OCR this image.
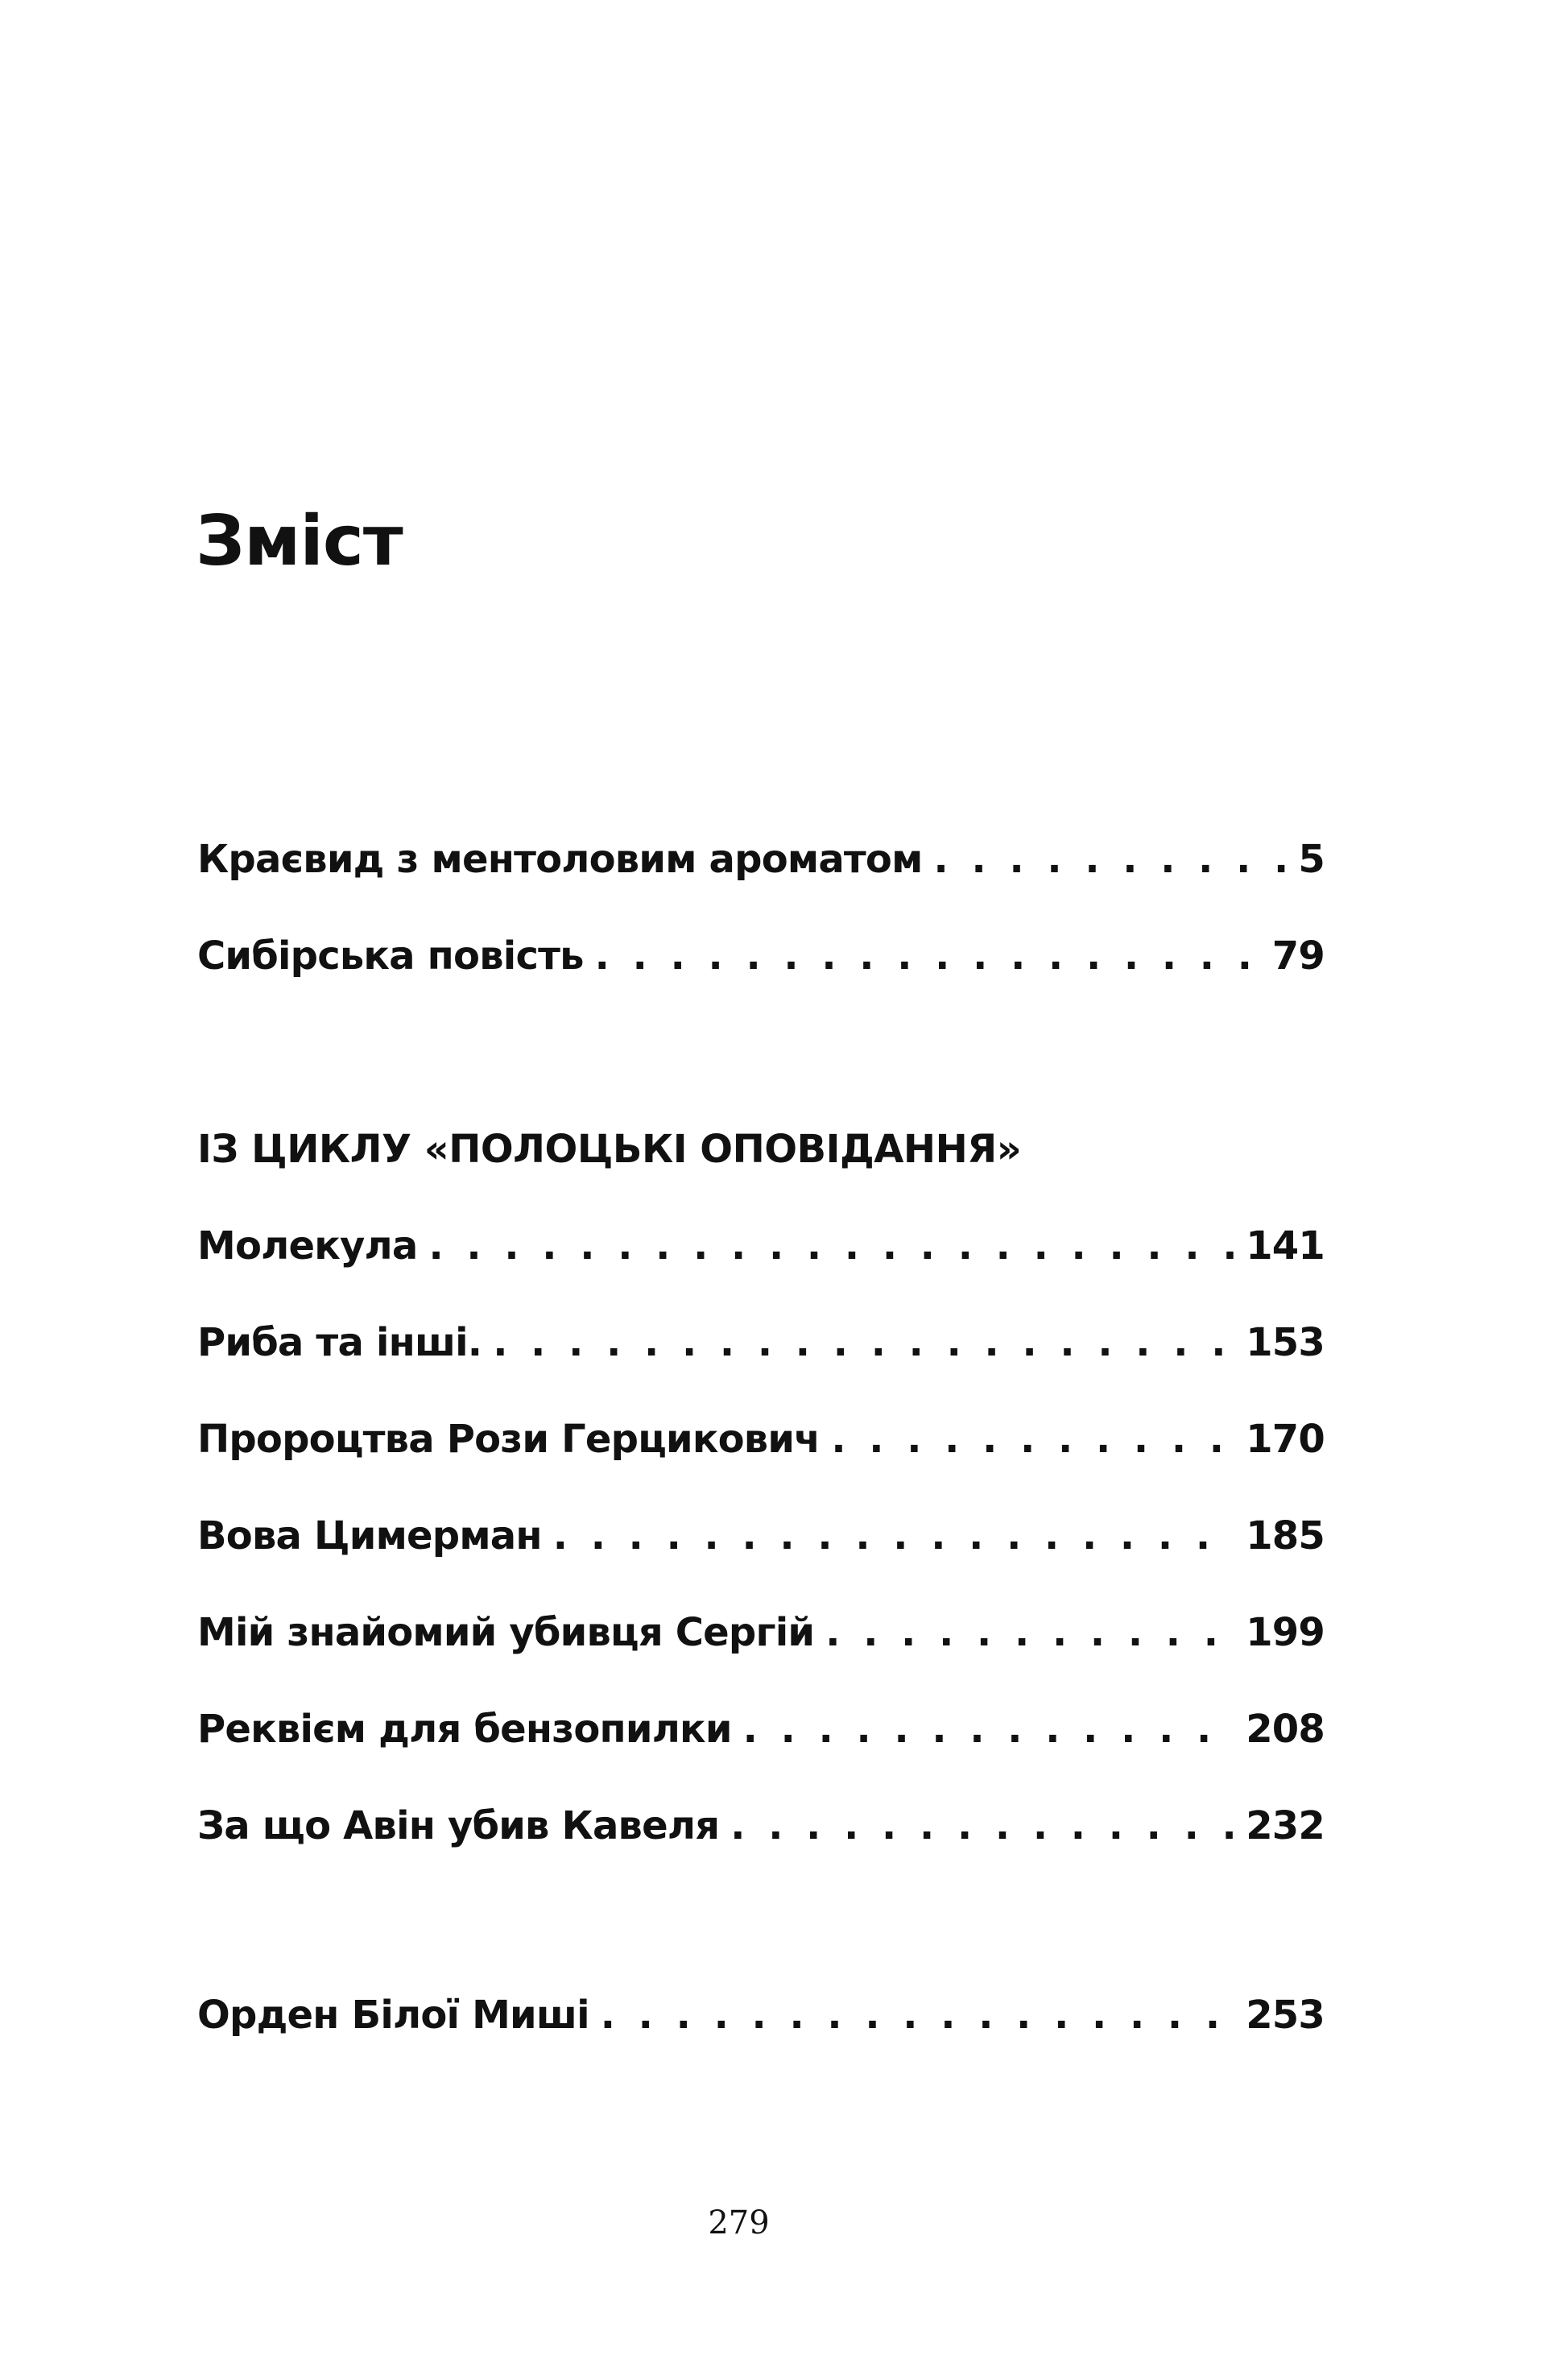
Зміст
Краєвид з ментоловим ароматом . . .	5
Сибірська повість . . .	79
ІЗ ЦИКЛУ «ПОЛОЦЬКІ ОПОВІДАННЯ»
Молекула . . .	141
Риба та інші. . . .	153
Пророцтва Рози Герцикович . . .	170
Вова Цимерман . . .	185
Мій знайомий убивця Сергій . . .	199
Реквієм для бензопилки . . .	208
За що Авін убив Кавеля . . .	232
Орден Білої Миші . . .	253
279
